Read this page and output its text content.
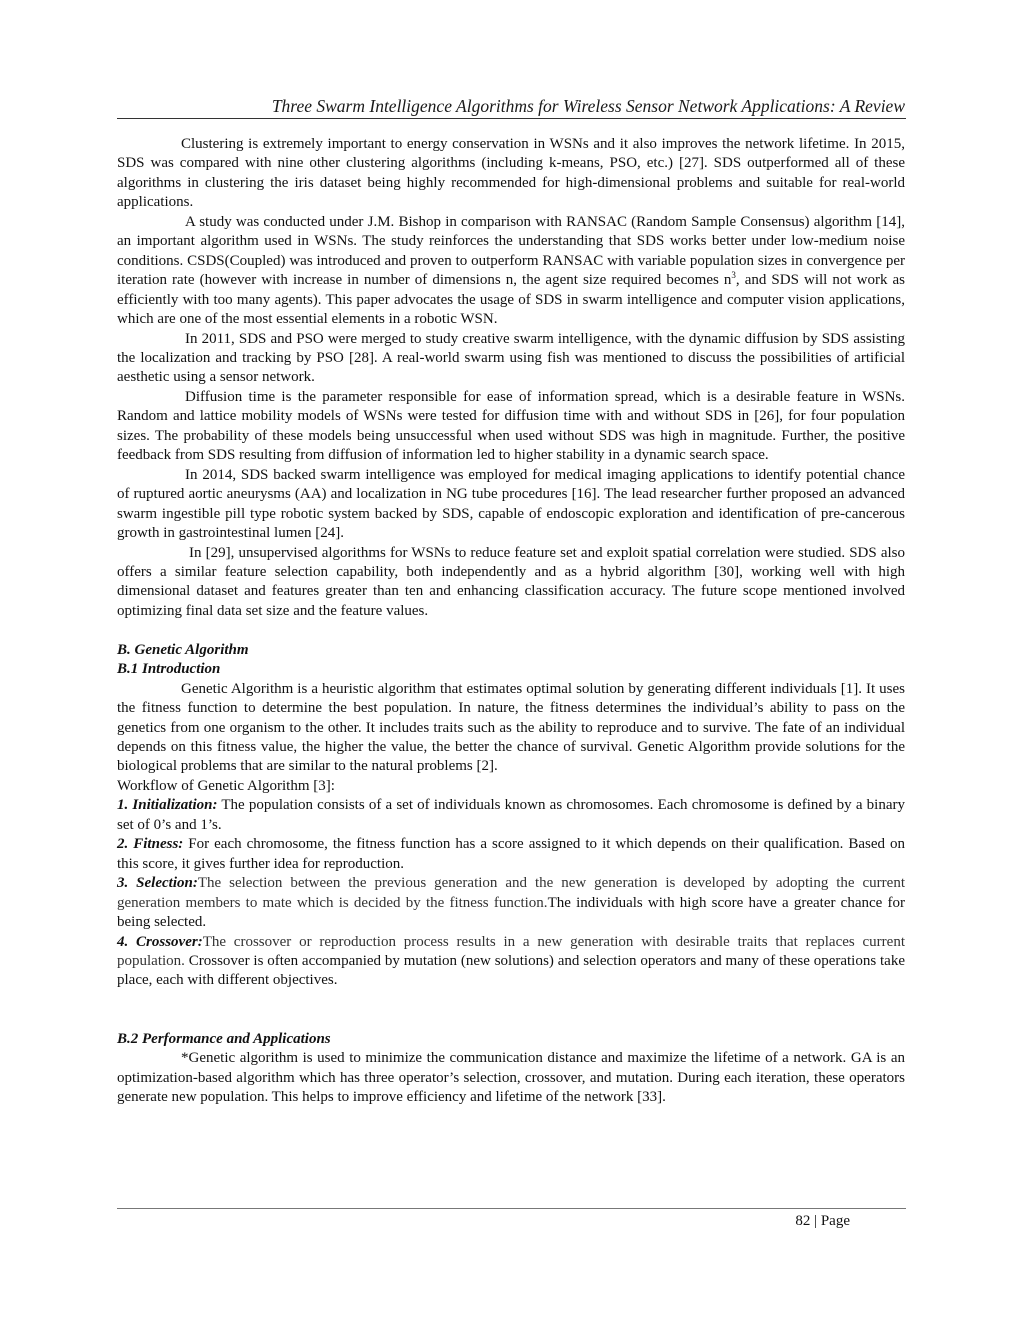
Three Swarm Intelligence Algorithms for Wireless Sensor Network Applications: A Review

Clustering is extremely important to energy conservation in WSNs and it also improves the network lifetime. In 2015, SDS was compared with nine other clustering algorithms (including k-means, PSO, etc.) [27]. SDS outperformed all of these algorithms in clustering the iris dataset being highly recommended for high-dimensional problems and suitable for real-world applications.

A study was conducted under J.M. Bishop in comparison with RANSAC (Random Sample Consensus) algorithm [14], an important algorithm used in WSNs. The study reinforces the understanding that SDS works better under low-medium noise conditions. CSDS(Coupled) was introduced and proven to outperform RANSAC with variable population sizes in convergence per iteration rate (however with increase in number of dimensions n, the agent size required becomes $n^3$, and SDS will not work as efficiently with too many agents). This paper advocates the usage of SDS in swarm intelligence and computer vision applications, which are one of the most essential elements in a robotic WSN.

In 2011, SDS and PSO were merged to study creative swarm intelligence, with the dynamic diffusion by SDS assisting the localization and tracking by PSO [28]. A real-world swarm using fish was mentioned to discuss the possibilities of artificial aesthetic using a sensor network.

Diffusion time is the parameter responsible for ease of information spread, which is a desirable feature in WSNs. Random and lattice mobility models of WSNs were tested for diffusion time with and without SDS in [26], for four population sizes. The probability of these models being unsuccessful when used without SDS was high in magnitude. Further, the positive feedback from SDS resulting from diffusion of information led to higher stability in a dynamic search space.

In 2014, SDS backed swarm intelligence was employed for medical imaging applications to identify potential chance of ruptured aortic aneurysms (AA) and localization in NG tube procedures [16]. The lead researcher further proposed an advanced swarm ingestible pill type robotic system backed by SDS, capable of endoscopic exploration and identification of pre-cancerous growth in gastrointestinal lumen [24].

In [29], unsupervised algorithms for WSNs to reduce feature set and exploit spatial correlation were studied. SDS also offers a similar feature selection capability, both independently and as a hybrid algorithm [30], working well with high dimensional dataset and features greater than ten and enhancing classification accuracy. The future scope mentioned involved optimizing final data set size and the feature values.

B. Genetic Algorithm

B.1 Introduction

Genetic Algorithm is a heuristic algorithm that estimates optimal solution by generating different individuals [1]. It uses the fitness function to determine the best population. In nature, the fitness determines the individual’s ability to pass on the genetics from one organism to the other. It includes traits such as the ability to reproduce and to survive. The fate of an individual depends on this fitness value, the higher the value, the better the chance of survival. Genetic Algorithm provide solutions for the biological problems that are similar to the natural problems [2].

Workflow of Genetic Algorithm [3]:

1. Initialization: The population consists of a set of individuals known as chromosomes. Each chromosome is defined by a binary set of 0’s and 1’s.

2. Fitness: For each chromosome, the fitness function has a score assigned to it which depends on their qualification. Based on this score, it gives further idea for reproduction.

3. Selection:The selection between the previous generation and the new generation is developed by adopting the current generation members to mate which is decided by the fitness function.The individuals with high score have a greater chance for being selected.

4. Crossover:The crossover or reproduction process results in a new generation with desirable traits that replaces current population. Crossover is often accompanied by mutation (new solutions) and selection operators and many of these operations take place, each with different objectives.

B.2 Performance and Applications

*Genetic algorithm is used to minimize the communication distance and maximize the lifetime of a network. GA is an optimization-based algorithm which has three operator’s selection, crossover, and mutation. During each iteration, these operators generate new population. This helps to improve efficiency and lifetime of the network [33].

82 | Page
